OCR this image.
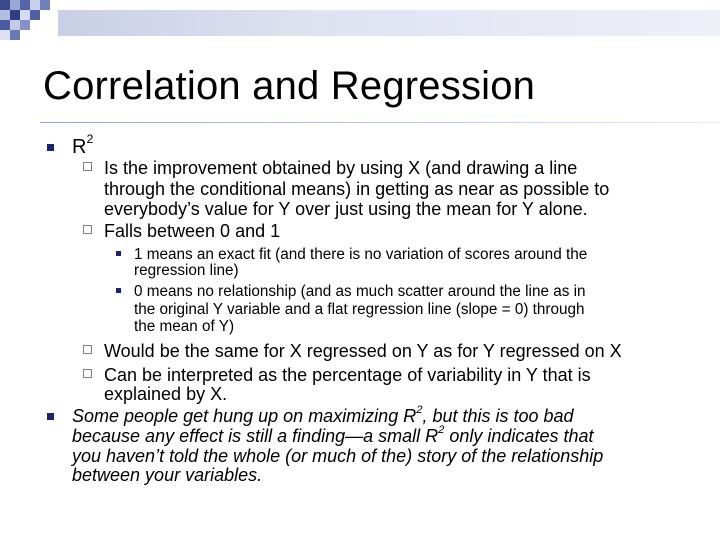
Correlation and Regression

$R^2$

Is the improvement obtained by using X (and drawing a line

through the conditional means) in getting as near as possible to

everybody’s value for Y over just using the mean for Y alone.

Falls between 0 and 1

1 means an exact fit (and there is no variation of scores around the

regression line)

0 means no relationship (and as much scatter around the line as in

the original Y variable and a flat regression line (slope = 0) through

the mean of Y)

Would be the same for X regressed on Y as for Y regressed on X

Can be interpreted as the percentage of variability in Y that is

explained by X.

Some people get hung up on maximizing $R^2$, but this is too bad

because any effect is still a finding—a small $R^2$ only indicates that

you haven’t told the whole (or much of the) story of the relationship

between your variables.
